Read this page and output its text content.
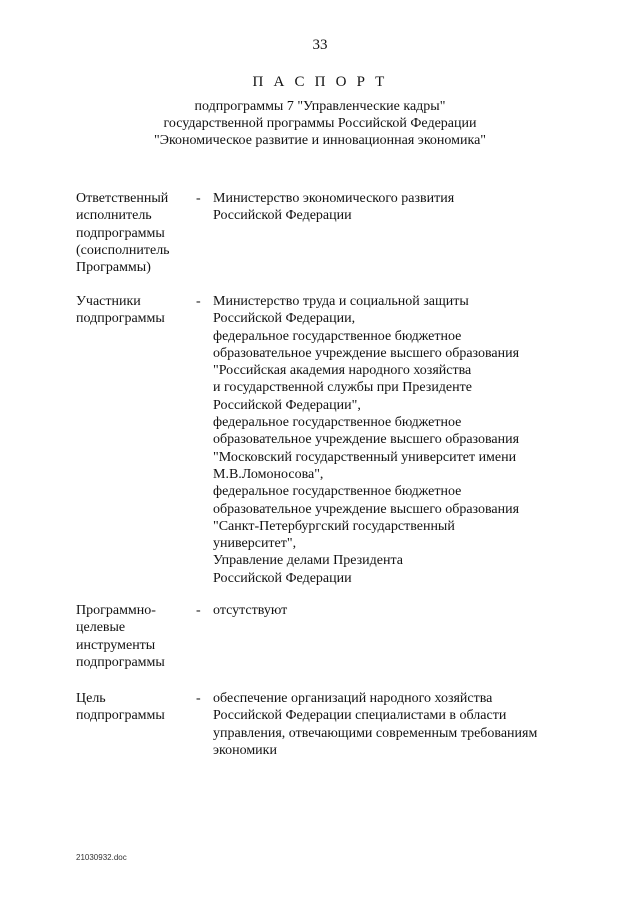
33
П А С П О Р Т
подпрограммы 7 "Управленческие кадры"
государственной программы Российской Федерации
"Экономическое развитие и инновационная экономика"
Ответственный
исполнитель
подпрограммы
(соисполнитель
Программы)
- Министерство экономического развития
Российской Федерации
Участники
подпрограммы
- Министерство труда и социальной защиты
Российской Федерации,
федеральное государственное бюджетное
образовательное учреждение высшего образования
"Российская академия народного хозяйства
и государственной службы при Президенте
Российской Федерации",
федеральное государственное бюджетное
образовательное учреждение высшего образования
"Московский государственный университет имени
М.В.Ломоносова",
федеральное государственное бюджетное
образовательное учреждение высшего образования
"Санкт-Петербургский государственный
университет",
Управление делами Президента
Российской Федерации
Программно-
целевые
инструменты
подпрограммы
- отсутствуют
Цель
подпрограммы
- обеспечение организаций народного хозяйства
Российской Федерации специалистами в области
управления, отвечающими современным требованиям
экономики
21030932.doc
